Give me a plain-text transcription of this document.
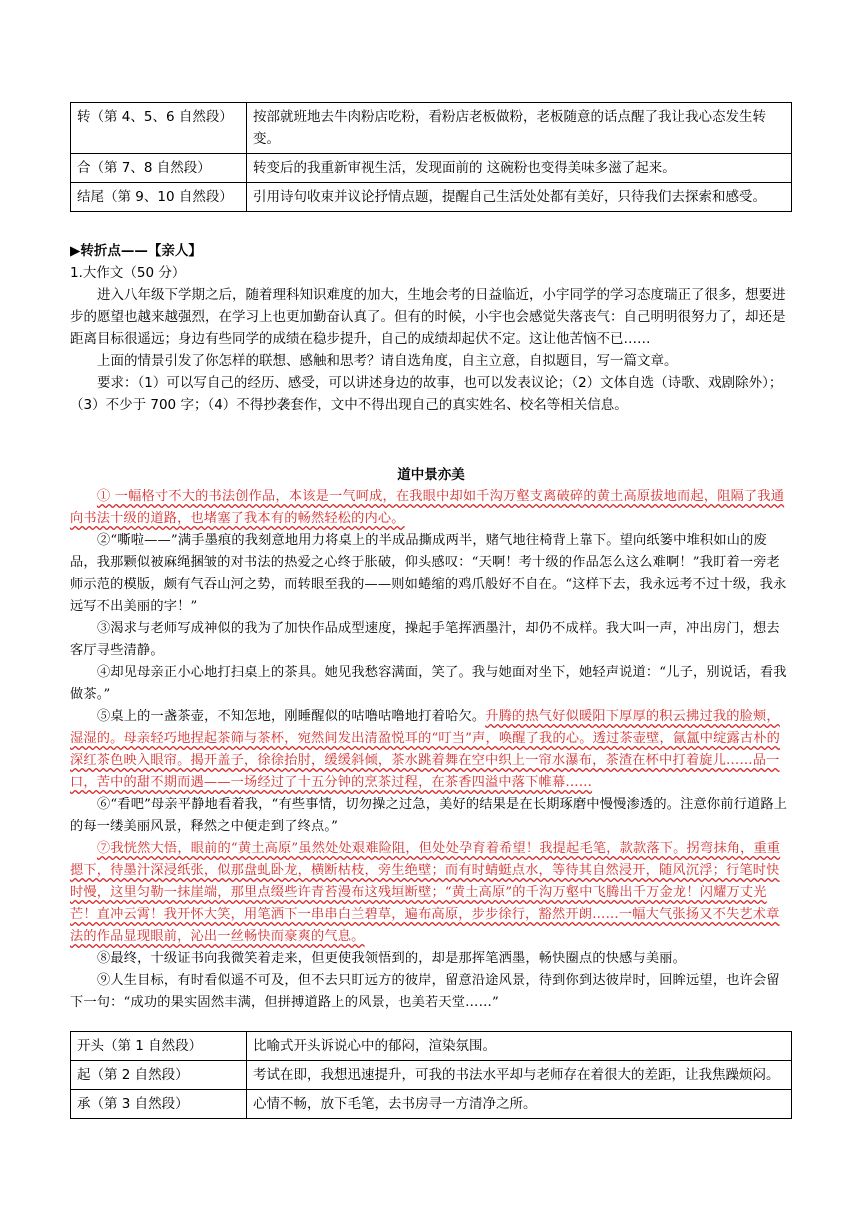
转（第 4、5、6 自然段）	按部就班地去牛肉粉店吃粉，看粉店老板做粉，老板随意的话点醒了我让我心态发生转变。
合（第 7、8 自然段）	转变后的我重新审视生活，发现面前的 这碗粉也变得美味多滋了起来。
结尾（第 9、10 自然段）	引用诗句收束并议论抒情点题，提醒自己生活处处都有美好，只待我们去探索和感受。

▶转折点——【亲人】

1.大作文（50 分）

进入八年级下学期之后，随着理科知识难度的加大，生地会考的日益临近，小宇同学的学习态度瑞正了很多，想要进步的愿望也越来越强烈，在学习上也更加勤奋认真了。但有的时候，小宇也会感觉失落丧气：自己明明很努力了，却还是距离目标很遥远；身边有些同学的成绩在稳步提升，自己的成绩却起伏不定。这让他苦恼不已……

上面的情景引发了你怎样的联想、感触和思考？请自选角度，自主立意，自拟题目，写一篇文章。

要求：（1）可以写自己的经历、感受，可以讲述身边的故事，也可以发表议论；（2）文体自选（诗歌、戏剧除外）；（3）不少于 700 字；（4）不得抄袭套作，文中不得出现自己的真实姓名、校名等相关信息。

道中景亦美

① 一幅格寸不大的书法创作品，本该是一气呵成，在我眼中却如千沟万壑支离破碎的黄土高原拔地而起，阻隔了我通向书法十级的道路，也堵塞了我本有的畅然轻松的内心。

②“嘶啦——”满手墨痕的我刻意地用力将桌上的半成品撕成两半，赌气地往椅背上靠下。望向纸篓中堆积如山的废品，我那颗似被麻绳捆皱的对书法的热爱之心终于胀破，仰头感叹：“天啊！考十级的作品怎么这么难啊！”我盯着一旁老师示范的模版，颇有气吞山河之势，而转眼至我的——则如蜷缩的鸡爪般好不自在。“这样下去，我永远考不过十级，我永远写不出美丽的字！”

③渴求与老师写成神似的我为了加快作品成型速度，操起手笔挥洒墨汁，却仍不成样。我大叫一声，冲出房门，想去客厅寻些清静。

④却见母亲正小心地打扫桌上的茶具。她见我愁容满面，笑了。我与她面对坐下，她轻声说道：“儿子，别说话，看我做茶。”

⑤桌上的一盏茶壶，不知怎地，刚睡醒似的咕噜咕噜地打着哈欠。升腾的热气好似暖阳下厚厚的积云拂过我的脸颊，湿湿的。母亲轻巧地捏起茶筛与茶杯，宛然间发出清盈悦耳的“叮当”声，唤醒了我的心。透过茶壶壁，氤氲中绽露古朴的深红茶色映入眼帘。揭开盖子，徐徐抬肘，缓缓斜倾，茶水跳着舞在空中织上一帘水瀑布，茶渣在杯中打着旋儿……品一口，苦中的甜不期而遇——一场经过了十五分钟的烹茶过程，在茶香四溢中落下帷幕……

⑥“看吧”母亲平静地看着我，“有些事情，切勿操之过急，美好的结果是在长期琢磨中慢慢渗透的。注意你前行道路上的每一缕美丽风景，释然之中便走到了终点。”

⑦我恍然大悟，眼前的“黄土高原”虽然处处艰难险阻，但处处孕育着希望！我提起毛笔，款款落下。拐弯抹角，重重摁下，待墨汁深浸纸张，似那盘虬卧龙，横断枯枝，旁生绝壁；而有时蜻蜓点水，等待其自然浸开，随风沉浮；行笔时快时慢，这里匀勒一抹崖端，那里点缀些许青苔漫布这残垣断壁；“黄土高原”的千沟万壑中飞腾出千万金龙！闪耀万丈光芒！直冲云霄！我开怀大笑，用笔洒下一串串白兰碧草，遍布高原，步步徐行，豁然开朗……一幅大气张扬又不失艺术章法的作品显现眼前，沁出一丝畅快而豪爽的气息。

⑧最终，十级证书向我微笑着走来，但更使我领悟到的，却是那挥笔洒墨，畅快圈点的快感与美丽。

⑨人生目标，有时看似遥不可及，但不去只盯远方的彼岸，留意沿途风景，待到你到达彼岸时，回眸远望，也许会留下一句：“成功的果实固然丰满，但拼搏道路上的风景，也美若天堂……”

开头（第 1 自然段）	比喻式开头诉说心中的郁闷，渲染氛围。
起（第 2 自然段）	考试在即，我想迅速提升，可我的书法水平却与老师存在着很大的差距，让我焦躁烦闷。
承（第 3 自然段）	心情不畅，放下毛笔，去书房寻一方清净之所。
